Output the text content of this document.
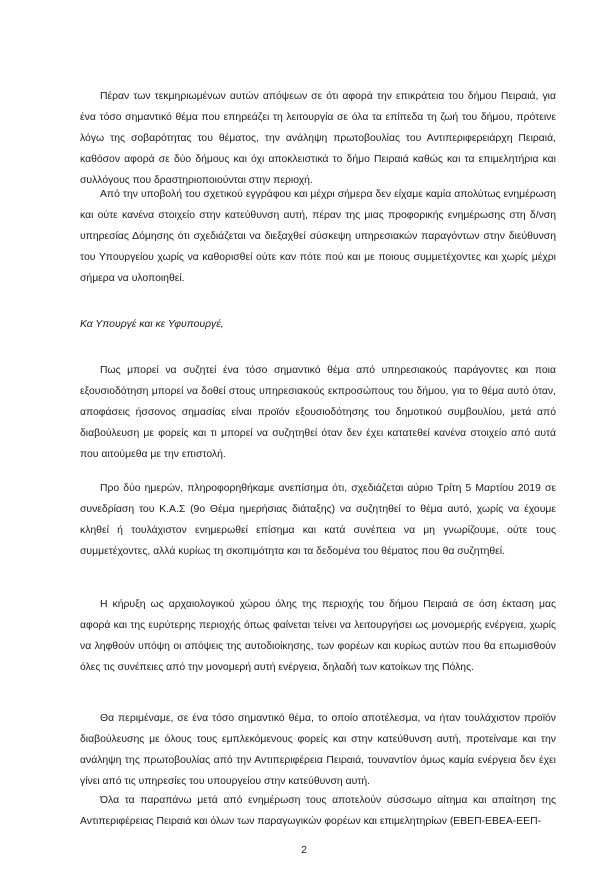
Πέραν των τεκμηριωμένων αυτών απόψεων σε ότι αφορά την επικράτεια του δήμου Πειραιά, για ένα τόσο σημαντικό θέμα που επηρεάζει τη λειτουργία σε όλα τα επίπεδα τη ζωή του δήμου, πρότεινε λόγω της σοβαρότητας του θέματος, την ανάληψη πρωτοβουλίας του Αντιπεριφερειάρχη Πειραιά, καθόσον αφορά σε δύο δήμους και όχι αποκλειστικά το δήμο Πειραιά καθώς και τα επιμελητήρια και συλλόγους που δραστηριοποιούνται στην περιοχή.

Από την υποβολή του σχετικού εγγράφου και μέχρι σήμερα δεν είχαμε καμία απολύτως ενημέρωση και ούτε κανένα στοιχείο στην κατεύθυνση αυτή, πέραν της μιας προφορικής ενημέρωσης στη δ/νση υπηρεσίας Δόμησης ότι σχεδιάζεται να διεξαχθεί σύσκεψη υπηρεσιακών παραγόντων στην διεύθυνση του Υπουργείου χωρίς να καθορισθεί ούτε καν πότε πού και με ποιους συμμετέχοντες και χωρίς μέχρι σήμερα να υλοποιηθεί.

Κα Υπουργέ και κε Υφυπουργέ,

Πως μπορεί να συζητεί ένα τόσο σημαντικό θέμα από υπηρεσιακούς παράγοντες και ποια εξουσιοδότηση μπορεί να δοθεί στους υπηρεσιακούς εκπροσώπους του δήμου, για το θέμα αυτό όταν, αποφάσεις ήσσονος σημασίας είναι προϊόν εξουσιοδότησης του δημοτικού συμβουλίου, μετά από διαβούλευση με φορείς και τι μπορεί να συζητηθεί όταν δεν έχει κατατεθεί κανένα στοιχείο από αυτά που αιτούμεθα με την επιστολή.

Προ δύο ημερών, πληροφορηθήκαμε ανεπίσημα ότι, σχεδιάζεται αύριο Τρίτη 5 Μαρτίου 2019 σε συνεδρίαση του Κ.Α.Σ (9ο Θέμα ημερήσιας διάταξης) να συζητηθεί το θέμα αυτό, χωρίς να έχουμε κληθεί ή τουλάχιστον ενημερωθεί επίσημα και κατά συνέπεια να μη γνωρίζουμε, ούτε τους συμμετέχοντες, αλλά κυρίως τη σκοπιμότητα και τα δεδομένα του θέματος που θα συζητηθεί.

Η κήρυξη ως αρχαιολογικού χώρου όλης της περιοχής του δήμου Πειραιά σε όση έκταση μας αφορά και της ευρύτερης περιοχής όπως φαίνεται τείνει να λειτουργήσει ως μονομερής ενέργεια, χωρίς να ληφθούν υπόψη οι απόψεις της αυτοδιοίκησης, των φορέων και κυρίως αυτών που θα επωμισθούν όλες τις συνέπειες από την μονομερή αυτή ενέργεια, δηλαδή των κατοίκων της Πόλης.

Θα περιμέναμε, σε ένα τόσο σημαντικό θέμα, το οποίο αποτέλεσμα, να ήταν τουλάχιστον προϊόν διαβούλευσης με όλους τους εμπλεκόμενους φορείς και στην κατεύθυνση αυτή, προτείναμε και την ανάληψη της πρωτοβουλίας από την Αντιπεριφέρεια Πειραιά, τουναντίον όμως καμία ενέργεια δεν έχει γίνει από τις υπηρεσίες του υπουργείου στην κατεύθυνση αυτή.

Όλα τα παραπάνω μετά από ενημέρωση τους αποτελούν σύσσωμο αίτημα και απαίτηση της Αντιπεριφέρειας Πειραιά και όλων των παραγωγικών φορέων και επιμελητηρίων (ΕΒΕΠ-ΕΒΕΑ-ΕΕΠ-

2
